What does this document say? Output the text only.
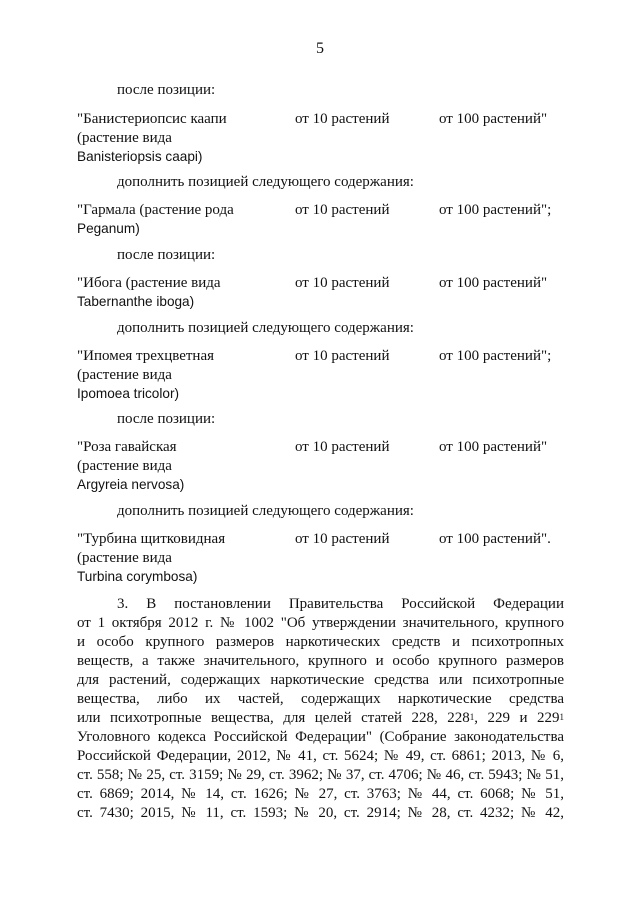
5
после позиции:
"Банистериопсис каапи
(растение вида
Banisteriopsis caapi)
от 10 растений	от 100 растений"
дополнить позицией следующего содержания:
"Гармала (растение рода
Peganum)
от 10 растений	от 100 растений";
после позиции:
"Ибога (растение вида
Tabernanthe iboga)
от 10 растений	от 100 растений"
дополнить позицией следующего содержания:
"Ипомея трехцветная
(растение вида
Ipomoea tricolor)
от 10 растений	от 100 растений";
после позиции:
"Роза гавайская
(растение вида
Argyreia nervosa)
от 10 растений	от 100 растений"
дополнить позицией следующего содержания:
"Турбина щитковидная
(растение вида
Turbina corymbosa)
от 10 растений	от 100 растений".
3. В постановлении Правительства Российской Федерации
от 1 октября 2012 г. № 1002 "Об утверждении значительного, крупного
и особо крупного размеров наркотических средств и психотропных
веществ, а также значительного, крупного и особо крупного размеров
для растений, содержащих наркотические средства или психотропные
вещества, либо их частей, содержащих наркотические средства
или психотропные вещества, для целей статей 228, $228^1$, 229 и $229^1$
Уголовного кодекса Российской Федерации" (Собрание законодательства
Российской Федерации, 2012, № 41, ст. 5624; № 49, ст. 6861; 2013, № 6,
ст. 558; № 25, ст. 3159; № 29, ст. 3962; № 37, ст. 4706; № 46, ст. 5943; № 51,
ст. 6869; 2014, № 14, ст. 1626; № 27, ст. 3763; № 44, ст. 6068; № 51,
ст. 7430; 2015, № 11, ст. 1593; № 20, ст. 2914; № 28, ст. 4232; № 42,
